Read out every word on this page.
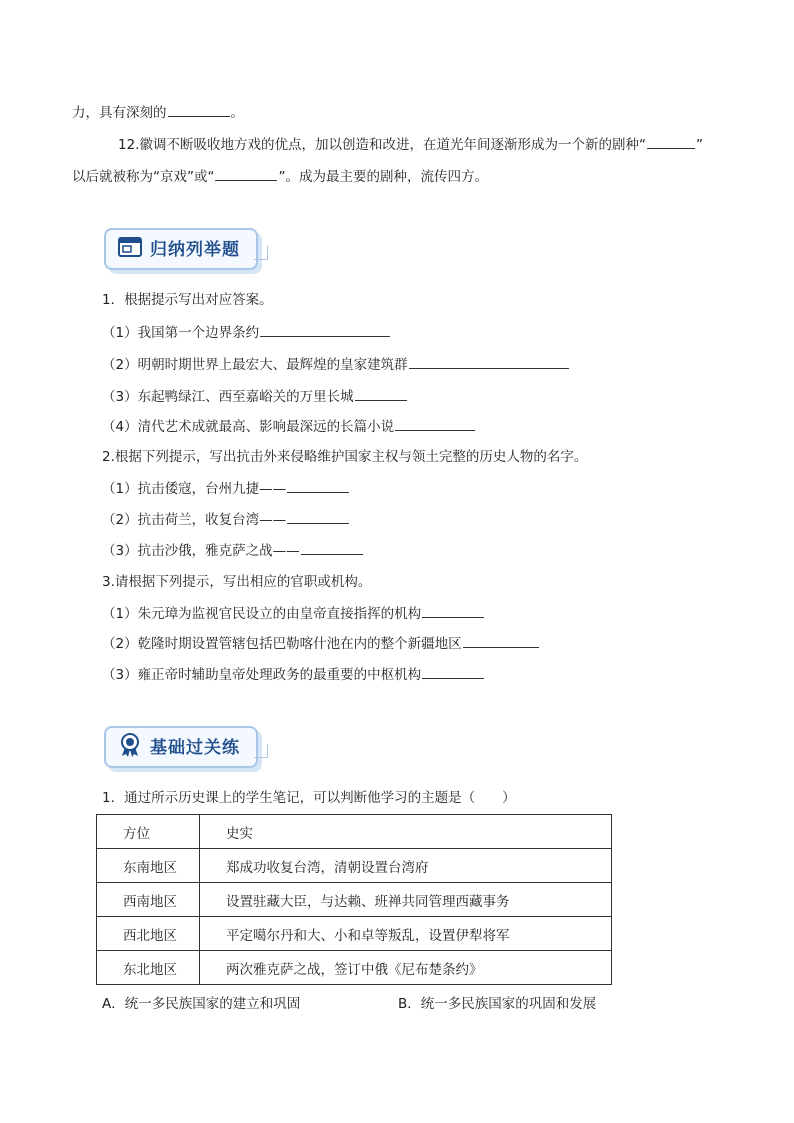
力，具有深刻的	。
12.徽调不断吸收地方戏的优点，加以创造和改进，在道光年间逐渐形成为一个新的剧种“	”
以后就被称为“京戏”或“	”。成为最主要的剧种，流传四方。
归纳列举题
1．根据提示写出对应答案。
（1）我国第一个边界条约
（2）明朝时期世界上最宏大、最辉煌的皇家建筑群
（3）东起鸭绿江、西至嘉峪关的万里长城
（4）清代艺术成就最高、影响最深远的长篇小说
2.根据下列提示，写出抗击外来侵略维护国家主权与领土完整的历史人物的名字。
（1）抗击倭寇，台州九捷——
（2）抗击荷兰，收复台湾——
（3）抗击沙俄，雅克萨之战——
3.请根据下列提示，写出相应的官职或机构。
（1）朱元璋为监视官民设立的由皇帝直接指挥的机构
（2）乾隆时期设置管辖包括巴勒喀什池在内的整个新疆地区
（3）雍正帝时辅助皇帝处理政务的最重要的中枢机构
基础过关练
1．通过所示历史课上的学生笔记，可以判断他学习的主题是（　　）
方位	史实
东南地区	郑成功收复台湾，清朝设置台湾府
西南地区	设置驻藏大臣，与达赖、班禅共同管理西藏事务
西北地区	平定噶尔丹和大、小和卓等叛乱，设置伊犁将军
东北地区	两次雅克萨之战，签订中俄《尼布楚条约》
A．统一多民族国家的建立和巩固	B．统一多民族国家的巩固和发展
